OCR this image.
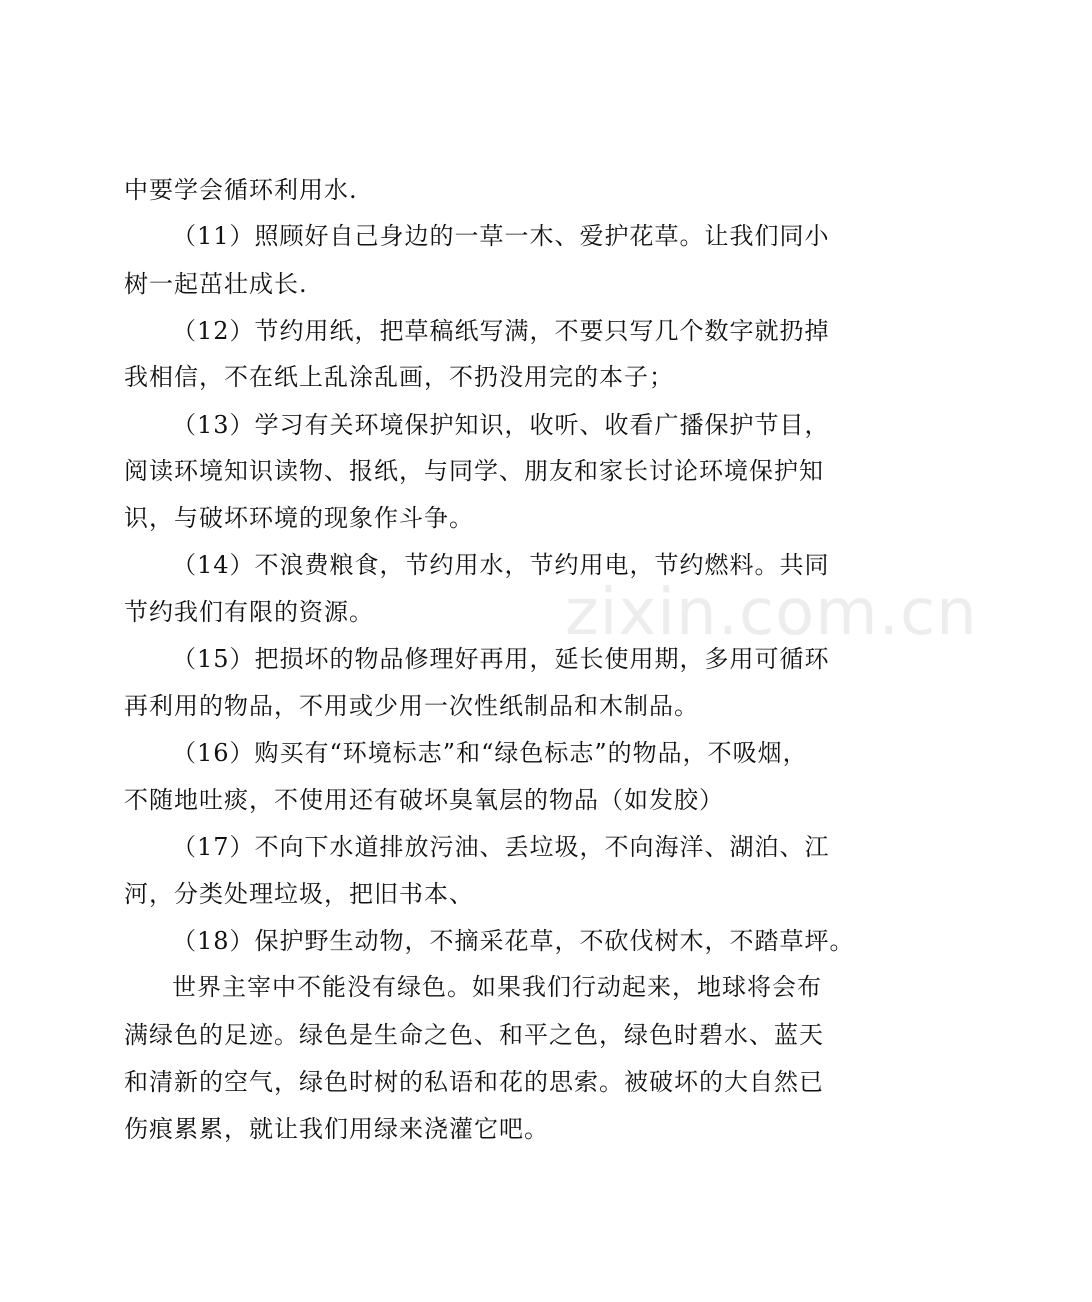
zixin.com.cn
中要学会循环利用水.
（11）照顾好自己身边的一草一木、爱护花草。让我们同小
树一起茁壮成长.
（12）节约用纸，把草稿纸写满，不要只写几个数字就扔掉
我相信，不在纸上乱涂乱画，不扔没用完的本子；
（13）学习有关环境保护知识，收听、收看广播保护节目，
阅读环境知识读物、报纸，与同学、朋友和家长讨论环境保护知
识，与破坏环境的现象作斗争。
（14）不浪费粮食，节约用水，节约用电，节约燃料。共同
节约我们有限的资源。
（15）把损坏的物品修理好再用，延长使用期，多用可循环
再利用的物品，不用或少用一次性纸制品和木制品。
（16）购买有“环境标志”和“绿色标志”的物品，不吸烟，
不随地吐痰，不使用还有破坏臭氧层的物品（如发胶）
（17）不向下水道排放污油、丢垃圾，不向海洋、湖泊、江
河，分类处理垃圾，把旧书本、
（18）保护野生动物，不摘采花草，不砍伐树木，不踏草坪。
世界主宰中不能没有绿色。如果我们行动起来，地球将会布
满绿色的足迹。绿色是生命之色、和平之色，绿色时碧水、蓝天
和清新的空气，绿色时树的私语和花的思索。被破坏的大自然已
伤痕累累，就让我们用绿来浇灌它吧。
